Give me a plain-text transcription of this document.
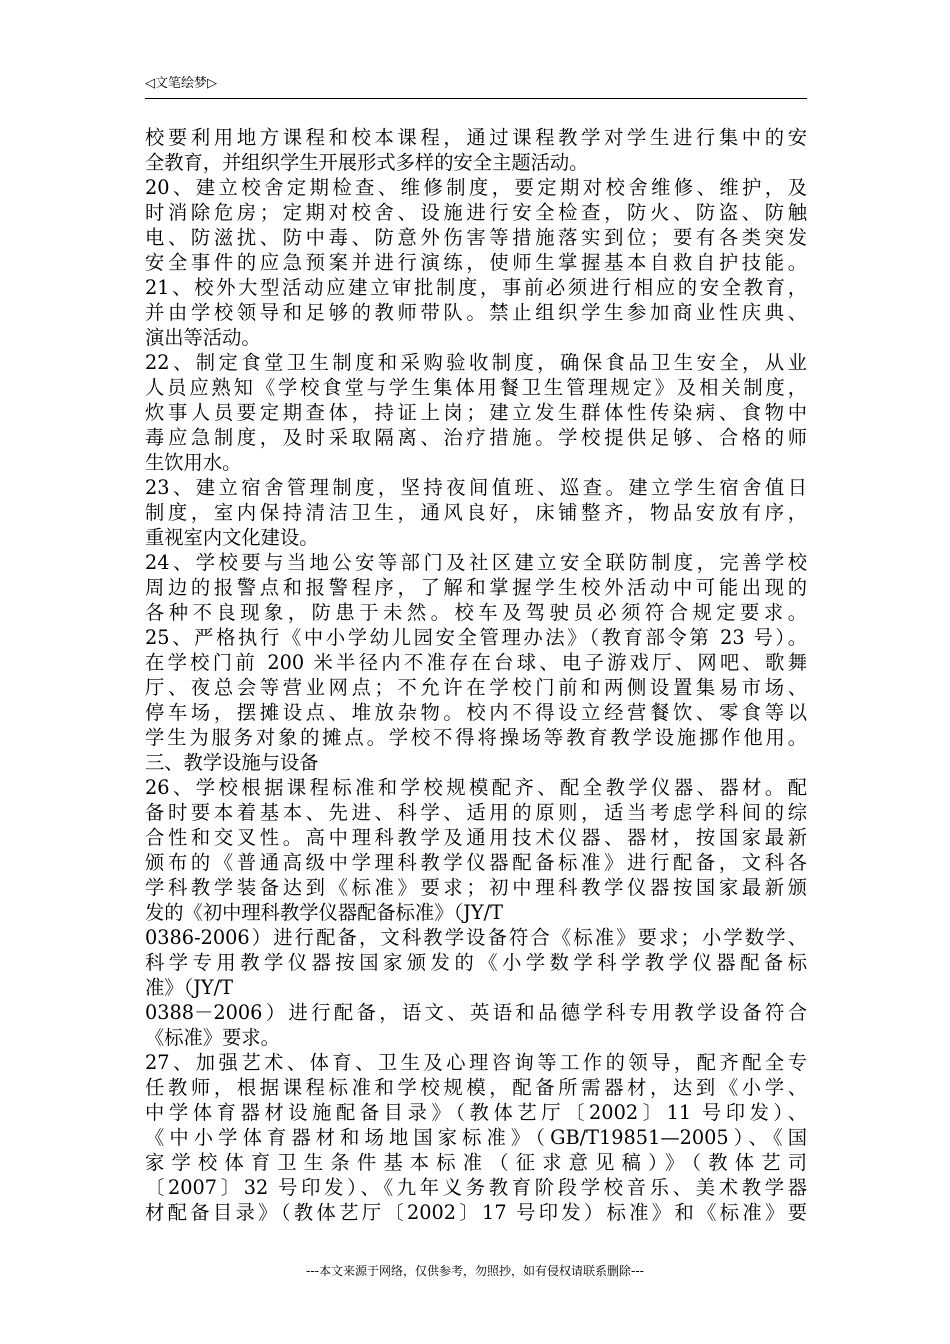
◁文笔绘梦▷
校要利用地方课程和校本课程，通过课程教学对学生进行集中的安
全教育，并组织学生开展形式多样的安全主题活动。
20、建立校舍定期检查、维修制度，要定期对校舍维修、维护，及
时消除危房；定期对校舍、设施进行安全检查，防火、防盗、防触
电、防滋扰、防中毒、防意外伤害等措施落实到位；要有各类突发
安全事件的应急预案并进行演练，使师生掌握基本自救自护技能。
21、校外大型活动应建立审批制度，事前必须进行相应的安全教育，
并由学校领导和足够的教师带队。禁止组织学生参加商业性庆典、
演出等活动。
22、制定食堂卫生制度和采购验收制度，确保食品卫生安全，从业
人员应熟知《学校食堂与学生集体用餐卫生管理规定》及相关制度，
炊事人员要定期查体，持证上岗；建立发生群体性传染病、食物中
毒应急制度，及时采取隔离、治疗措施。学校提供足够、合格的师
生饮用水。
23、建立宿舍管理制度，坚持夜间值班、巡查。建立学生宿舍值日
制度，室内保持清洁卫生，通风良好，床铺整齐，物品安放有序，
重视室内文化建设。
24、学校要与当地公安等部门及社区建立安全联防制度，完善学校
周边的报警点和报警程序，了解和掌握学生校外活动中可能出现的
各种不良现象，防患于未然。校车及驾驶员必须符合规定要求。
25、严格执行《中小学幼儿园安全管理办法》（教育部令第 23 号）。
在学校门前 200 米半径内不准存在台球、电子游戏厅、网吧、歌舞
厅、夜总会等营业网点；不允许在学校门前和两侧设置集易市场、
停车场，摆摊设点、堆放杂物。校内不得设立经营餐饮、零食等以
学生为服务对象的摊点。学校不得将操场等教育教学设施挪作他用。
三、教学设施与设备
26、学校根据课程标准和学校规模配齐、配全教学仪器、器材。配
备时要本着基本、先进、科学、适用的原则，适当考虑学科间的综
合性和交叉性。高中理科教学及通用技术仪器、器材，按国家最新
颁布的《普通高级中学理科教学仪器配备标准》进行配备，文科各
学科教学装备达到《标准》要求；初中理科教学仪器按国家最新颁
发的《初中理科教学仪器配备标准》（JY/T
0386-2006）进行配备，文科教学设备符合《标准》要求；小学数学、
科学专用教学仪器按国家颁发的《小学数学科学教学仪器配备标
准》（JY/T
0388－2006）进行配备，语文、英语和品德学科专用教学设备符合
《标准》要求。
27、加强艺术、体育、卫生及心理咨询等工作的领导，配齐配全专
任教师，根据课程标准和学校规模，配备所需器材，达到《小学、
中学体育器材设施配备目录》（教体艺厅〔2002〕11 号印发）、
《中小学体育器材和场地国家标准》（GB/T19851—2005）、《国
家学校体育卫生条件基本标准（征求意见稿）》（教体艺司
〔2007〕32 号印发）、《九年义务教育阶段学校音乐、美术教学器
材配备目录》（教体艺厅〔2002〕17 号印发）标准》和《标准》要
---本文来源于网络，仅供参考，勿照抄，如有侵权请联系删除---
